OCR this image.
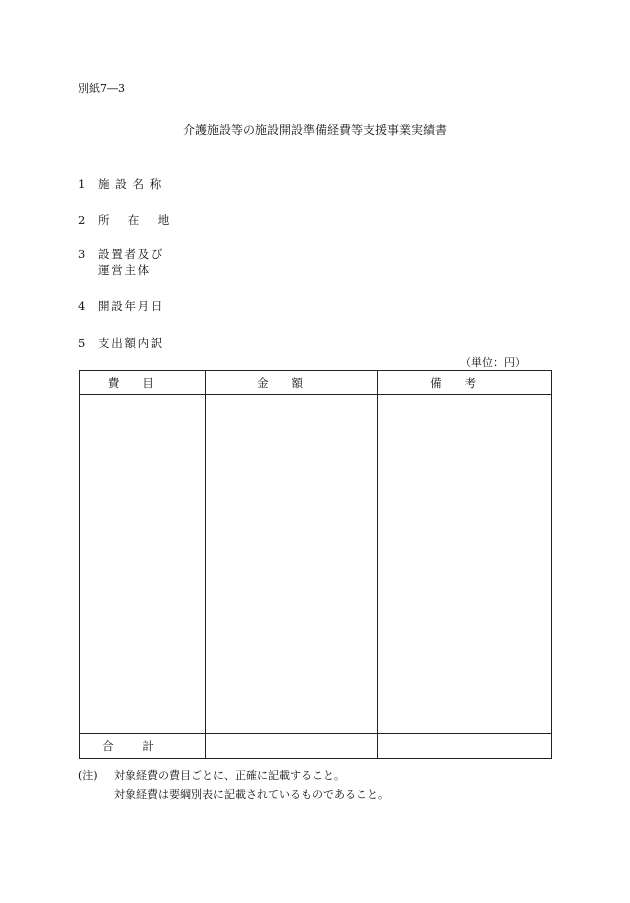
別紙7―3
介護施設等の施設開設準備経費等支援事業実績書
1 施設名称
2 所在地
3 設置者及び
運営主体
4 開設年月日
5 支出額内訳
（単位：円）
費目	金額	備考

合計		
(注) 対象経費の費目ごとに、正確に記載すること。
対象経費は要綱別表に記載されているものであること。
